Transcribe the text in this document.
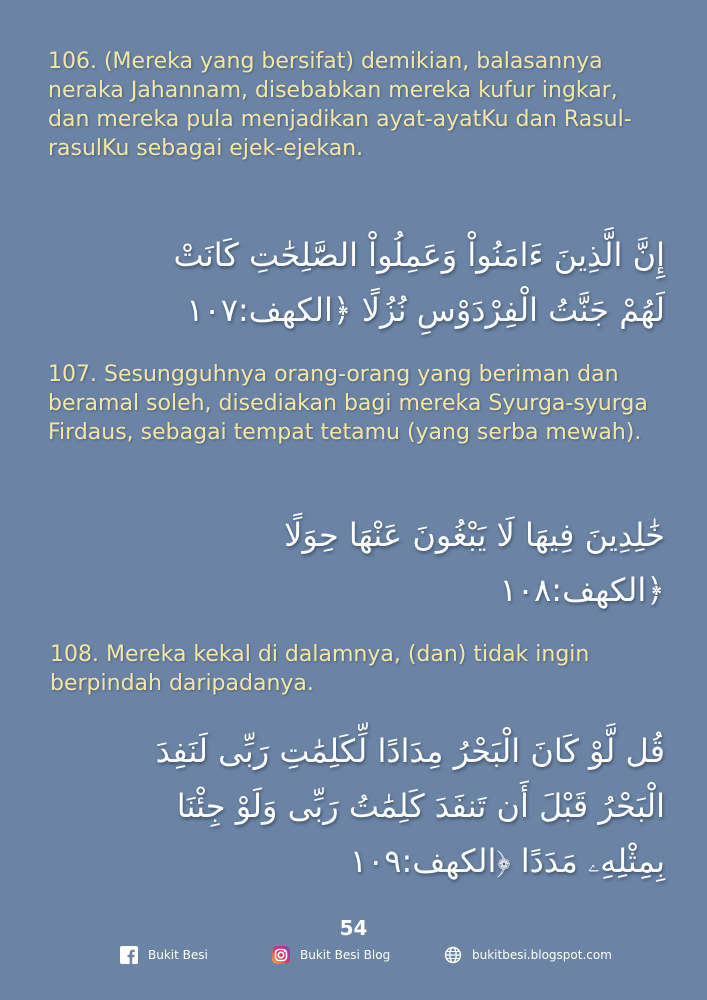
106. (Mereka yang bersifat) demikian, balasannya neraka Jahannam, disebabkan mereka kufur ingkar, dan mereka pula menjadikan ayat-ayatKu dan Rasul-rasulKu sebagai ejek-ejekan.

إِنَّ الَّذِينَ ءَامَنُواْ وَعَمِلُواْ الصَّلِحَٰتِ كَانَتْ
لَهُمْ جَنَّتُ الْفِرْدَوْسِ نُزُلًا ﴿الكهف:١٠٧

107. Sesungguhnya orang-orang yang beriman dan beramal soleh, disediakan bagi mereka Syurga-syurga Firdaus, sebagai tempat tetamu (yang serba mewah).

خَٰلِدِينَ فِيهَا لَا يَبْغُونَ عَنْهَا حِوَلًا
﴿الكهف:١٠٨

108. Mereka kekal di dalamnya, (dan) tidak ingin berpindah daripadanya.

قُل لَّوْ كَانَ الْبَحْرُ مِدَادًا لِّكَلِمَٰتِ رَبِّى لَنَفِدَ
الْبَحْرُ قَبْلَ أَن تَنفَدَ كَلِمَٰتُ رَبِّى وَلَوْ جِئْنَا
بِمِثْلِهِۦ مَدَدًا ﴿الكهف:١٠٩
54
Bukit Besi	Bukit Besi Blog	bukitbesi.blogspot.com
